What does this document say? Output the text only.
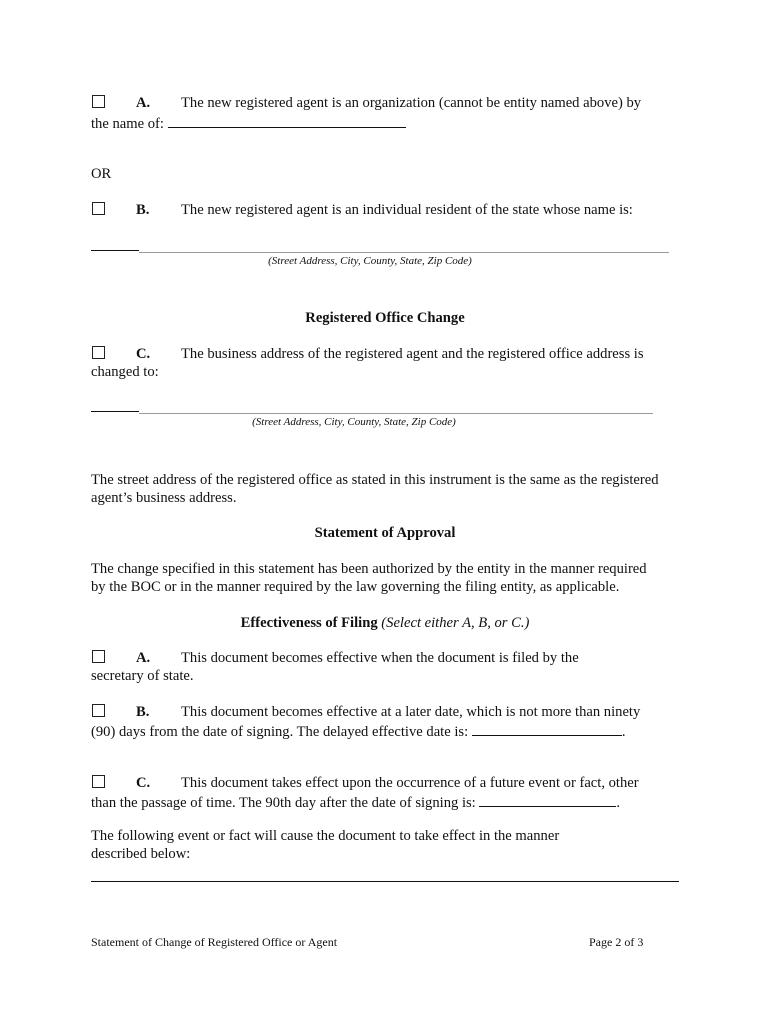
A. The new registered agent is an organization (cannot be entity named above) by
the name of:
OR
B. The new registered agent is an individual resident of the state whose name is:
(Street Address, City, County, State, Zip Code)
Registered Office Change
C. The business address of the registered agent and the registered office address is
changed to:
(Street Address, City, County, State, Zip Code)
The street address of the registered office as stated in this instrument is the same as the registered
agent’s business address.
Statement of Approval
The change specified in this statement has been authorized by the entity in the manner required
by the BOC or in the manner required by the law governing the filing entity, as applicable.
Effectiveness of Filing (Select either A, B, or C.)
A. This document becomes effective when the document is filed by the
secretary of state.
B. This document becomes effective at a later date, which is not more than ninety
(90) days from the date of signing. The delayed effective date is:	.
C. This document takes effect upon the occurrence of a future event or fact, other
than the passage of time. The 90th day after the date of signing is:	.
The following event or fact will cause the document to take effect in the manner
described below:
Statement of Change of Registered Office or Agent	Page 2 of 3
